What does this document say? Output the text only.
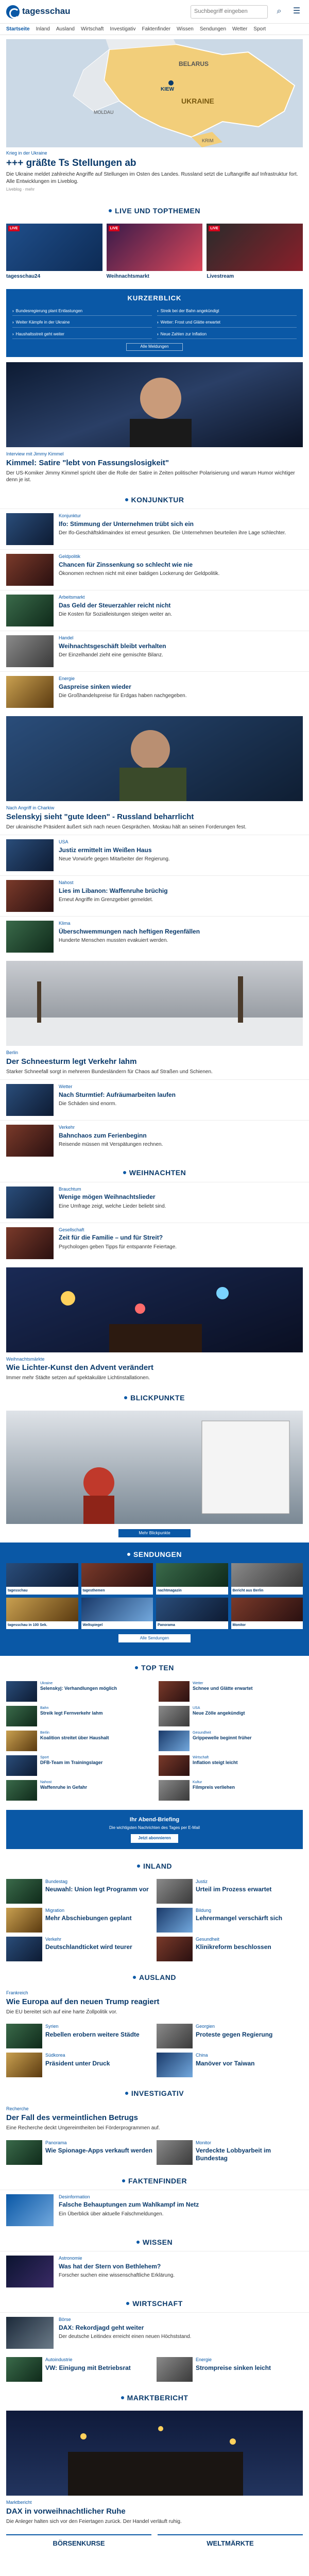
tagesschau	Suchbegriff eingeben	⌕	☰
Startseite Inland Ausland Wirtschaft Investigativ Faktenfinder Wissen Sendungen Wetter Sport
BELARUS
UKRAINE
KIEW
MOLDAU
KRIM
Krieg in der Ukraine
+++ gräßte Ts Stellungen ab
Die Ukraine meldet zahlreiche Angriffe auf Stellungen im Osten des Landes. Russland setzt die Luftangriffe auf Infrastruktur fort. Alle Entwicklungen im Liveblog.
Liveblog · mehr
LIVE UND TOPTHEMEN
LIVE
tagesschau24
LIVE
Weihnachtsmarkt
LIVE
Livestream
KURZERBLICK
› Bundesregierung plant Entlastungen	› Streik bei der Bahn angekündigt
› Weiter Kämpfe in der Ukraine	› Wetter: Frost und Glätte erwartet
› Haushaltsstreit geht weiter	› Neue Zahlen zur Inflation
Alle Meldungen
Interview mit Jimmy Kimmel
Kimmel: Satire "lebt von Fassungslosigkeit"
Der US-Komiker Jimmy Kimmel spricht über die Rolle der Satire in Zeiten politischer Polarisierung und warum Humor wichtiger denn je ist.
KONJUNKTUR
Konjunktur
Ifo: Stimmung der Unternehmen trübt sich ein
Der Ifo-Geschäftsklimaindex ist erneut gesunken. Die Unternehmen beurteilen ihre Lage schlechter.
Geldpolitik
Chancen für Zinssenkung so schlecht wie nie
Ökonomen rechnen nicht mit einer baldigen Lockerung der Geldpolitik.
Arbeitsmarkt
Das Geld der Steuerzahler reicht nicht
Die Kosten für Sozialleistungen steigen weiter an.
Handel
Weihnachtsgeschäft bleibt verhalten
Der Einzelhandel zieht eine gemischte Bilanz.
Energie
Gaspreise sinken wieder
Die Großhandelspreise für Erdgas haben nachgegeben.
Nach Angriff in Charkiw
Selenskyj sieht "gute Ideen" - Russland beharrlicht
Der ukrainische Präsident äußert sich nach neuen Gesprächen. Moskau hält an seinen Forderungen fest.
USA
Justiz ermittelt im Weißen Haus
Neue Vorwürfe gegen Mitarbeiter der Regierung.
Nahost
Lies im Libanon: Waffenruhe brüchig
Erneut Angriffe im Grenzgebiet gemeldet.
Klima
Überschwemmungen nach heftigen Regenfällen
Hunderte Menschen mussten evakuiert werden.
Berlin
Der Schneesturm legt Verkehr lahm
Starker Schneefall sorgt in mehreren Bundesländern für Chaos auf Straßen und Schienen.
Wetter
Nach Sturmtief: Aufräumarbeiten laufen
Die Schäden sind enorm.
Verkehr
Bahnchaos zum Ferienbeginn
Reisende müssen mit Verspätungen rechnen.
WEIHNACHTEN
Brauchtum
Wenige mögen Weihnachtslieder
Eine Umfrage zeigt, welche Lieder beliebt sind.
Gesellschaft
Zeit für die Familie – und für Streit?
Psychologen geben Tipps für entspannte Feiertage.
Weihnachtsmärkte
Wie Lichter-Kunst den Advent verändert
Immer mehr Städte setzen auf spektakuläre Lichtinstallationen.
BLICKPUNKTE
Mehr Blickpunkte
SENDUNGEN
tagesschau	tagesthemen	nachtmagazin	Bericht aus Berlin
tagesschau in 100 Sek.	Weltspiegel	Panorama	Monitor
Alle Sendungen
TOP TEN
Ukraine
Selenskyj: Verhandlungen möglich
Wetter
Schnee und Glätte erwartet
Bahn
Streik legt Fernverkehr lahm
USA
Neue Zölle angekündigt
Berlin
Koalition streitet über Haushalt
Gesundheit
Grippewelle beginnt früher
Sport
DFB-Team im Trainingslager
Wirtschaft
Inflation steigt leicht
Nahost
Waffenruhe in Gefahr
Kultur
Filmpreis verliehen
Ihr Abend-Briefing
Die wichtigsten Nachrichten des Tages per E-Mail
Jetzt abonnieren
INLAND
Bundestag
Neuwahl: Union legt Programm vor
Justiz
Urteil im Prozess erwartet
Migration
Mehr Abschiebungen geplant
Bildung
Lehrermangel verschärft sich
Verkehr
Deutschlandticket wird teurer
Gesundheit
Klinikreform beschlossen
AUSLAND
Frankreich
Wie Europa auf den neuen Trump reagiert
Die EU bereitet sich auf eine harte Zollpolitik vor.
Syrien
Rebellen erobern weitere Städte
Georgien
Proteste gegen Regierung
Südkorea
Präsident unter Druck
China
Manöver vor Taiwan
INVESTIGATIV
Recherche
Der Fall des vermeintlichen Betrugs
Eine Recherche deckt Ungereimtheiten bei Förderprogrammen auf.
Panorama
Wie Spionage-Apps verkauft werden
Monitor
Verdeckte Lobbyarbeit im Bundestag
FAKTENFINDER
Desinformation
Falsche Behauptungen zum Wahlkampf im Netz
Ein Überblick über aktuelle Falschmeldungen.
WISSEN
Astronomie
Was hat der Stern von Bethlehem?
Forscher suchen eine wissenschaftliche Erklärung.
WIRTSCHAFT
Börse
DAX: Rekordjagd geht weiter
Der deutsche Leitindex erreicht einen neuen Höchststand.
Autoindustrie
VW: Einigung mit Betriebsrat
Energie
Strompreise sinken leicht
MARKTBERICHT
Marktbericht
DAX in vorweihnachtlicher Ruhe
Die Anleger halten sich vor den Feiertagen zurück. Der Handel verläuft ruhig.
BÖRSENKURSE	WELTMÄRKTE
